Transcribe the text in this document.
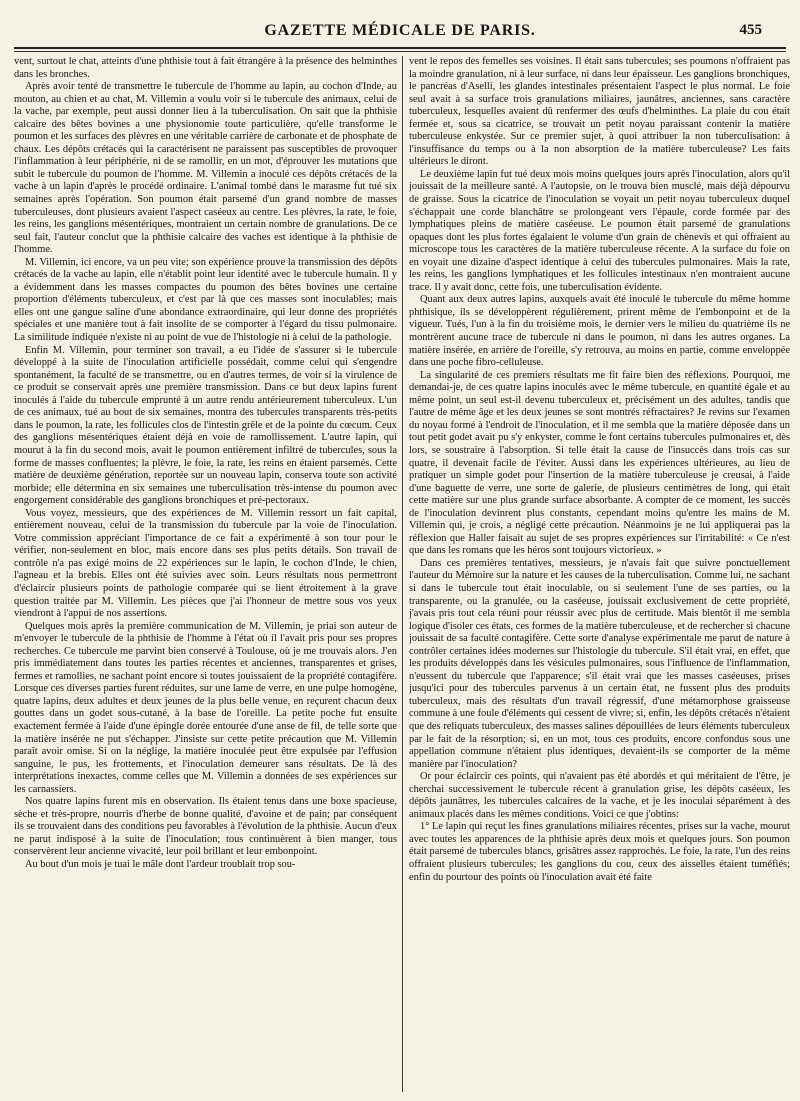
GAZETTE MÉDICALE DE PARIS.	455

vent, surtout le chat, atteints d'une phthisie tout à fait étrangère à la présence des helminthes dans les bronches.

Après avoir tenté de transmettre le tubercule de l'homme au lapin, au cochon d'Inde, au mouton, au chien et au chat, M. Villemin a voulu voir si le tubercule des animaux, celui de la vache, par exemple, peut aussi donner lieu à la tuberculisation. On sait que la phthisie calcaire des bêtes bovines a une physionomie toute particulière, qu'elle transforme le poumon et les surfaces des plèvres en une véritable carrière de carbonate et de phosphate de chaux. Les dépôts crétacés qui la caractérisent ne paraissent pas susceptibles de provoquer l'inflammation à leur périphérie, ni de se ramollir, en un mot, d'éprouver les mutations que subit le tubercule du poumon de l'homme. M. Villemin a inoculé ces dépôts crétacés de la vache à un lapin d'après le procédé ordinaire. L'animal tombé dans le marasme fut tué six semaines après l'opération. Son poumon était parsemé d'un grand nombre de masses tuberculeuses, dont plusieurs avaient l'aspect caséeux au centre. Les plèvres, la rate, le foie, les reins, les ganglions mésentériques, montraient un certain nombre de granulations. De ce seul fait, l'auteur conclut que la phthisie calcaire des vaches est identique à la phthisie de l'homme.

M. Villemin, ici encore, va un peu vite; son expérience prouve la transmission des dépôts crétacés de la vache au lapin, elle n'établit point leur identité avec le tubercule humain. Il y a évidemment dans les masses compactes du poumon des bêtes bovines une certaine proportion d'éléments tuberculeux, et c'est par là que ces masses sont inoculables; mais elles ont une gangue saline d'une abondance extraordinaire, qui leur donne des propriétés spéciales et une manière tout à fait insolite de se comporter à l'égard du tissu pulmonaire. La similitude indiquée n'existe ni au point de vue de l'histologie ni à celui de la pathologie.

Enfin M. Villemin, pour terminer son travail, a eu l'idée de s'assurer si le tubercule développé à la suite de l'inoculation artificielle possédait, comme celui qui s'engendre spontanément, la faculté de se transmettre, ou en d'autres termes, de voir si la virulence de ce produit se conservait après une première transmission. Dans ce but deux lapins furent inoculés à l'aide du tubercule emprunté à un autre rendu antérieurement tuberculeux. L'un de ces animaux, tué au bout de six semaines, montra des tubercules transparents très-petits dans le poumon, la rate, les follicules clos de l'intestin grêle et de la pointe du cœcum. Ceux des ganglions mésentériques étaient déjà en voie de ramollissement. L'autre lapin, qui mourut à la fin du second mois, avait le poumon entièrement infiltré de tubercules, sous la forme de masses confluentes; la plèvre, le foie, la rate, les reins en étaient parsemés. Cette matière de deuxième génération, reportée sur un nouveau lapin, conserva toute son activité morbide; elle détermina en six semaines une tuberculisation très-intense du poumon avec engorgement considérable des ganglions bronchiques et pré-pectoraux.

Vous voyez, messieurs, que des expériences de M. Villemin ressort un fait capital, entièrement nouveau, celui de la transmission du tubercule par la voie de l'inoculation. Votre commission appréciant l'importance de ce fait a expérimenté à son tour pour le vérifier, non-seulement en bloc, mais encore dans ses plus petits détails. Son travail de contrôle n'a pas exigé moins de 22 expériences sur le lapin, le cochon d'Inde, le chien, l'agneau et la brebis. Elles ont été suivies avec soin. Leurs résultats nous permettront d'éclaircir plusieurs points de pathologie comparée qui se lient étroitement à la grave question traitée par M. Villemin. Les pièces que j'ai l'honneur de mettre sous vos yeux viendront à l'appui de nos assertions.

Quelques mois après la première communication de M. Villemin, je priai son auteur de m'envoyer le tubercule de la phthisie de l'homme à l'état où il l'avait pris pour ses propres recherches. Ce tubercule me parvint bien conservé à Toulouse, où je me trouvais alors. J'en pris immédiatement dans toutes les parties récentes et anciennes, transparentes et grises, fermes et ramollies, ne sachant point encore si toutes jouissaient de la propriété contagifère. Lorsque ces diverses parties furent réduites, sur une lame de verre, en une pulpe homogène, quatre lapins, deux adultes et deux jeunes de la plus belle venue, en reçurent chacun deux gouttes dans un godet sous-cutané, à la base de l'oreille. La petite poche fut ensuite exactement fermée à l'aide d'une épingle dorée entourée d'une anse de fil, de telle sorte que la matière insérée ne put s'échapper. J'insiste sur cette petite précaution que M. Villemin paraît avoir omise. Si on la néglige, la matière inoculée peut être expulsée par l'effusion sanguine, le pus, les frottements, et l'inoculation demeurer sans résultats. De là des interprétations inexactes, comme celles que M. Villemin a données de ses expériences sur les carnassiers.

Nos quatre lapins furent mis en observation. Ils étaient tenus dans une boxe spacieuse, sèche et très-propre, nourris d'herbe de bonne qualité, d'avoine et de pain; par conséquent ils se trouvaient dans des conditions peu favorables à l'évolution de la phthisie. Aucun d'eux ne parut indisposé à la suite de l'inoculation; tous continuèrent à bien manger, tous conservèrent leur ancienne vivacité, leur poil brillant et leur embonpoint.

Au bout d'un mois je tuai le mâle dont l'ardeur troublait trop sou-

vent le repos des femelles ses voisines. Il était sans tubercules; ses poumons n'offraient pas la moindre granulation, ni à leur surface, ni dans leur épaisseur. Les ganglions bronchiques, le pancréas d'Aselli, les glandes intestinales présentaient l'aspect le plus normal. Le foie seul avait à sa surface trois granulations miliaires, jaunâtres, anciennes, sans caractère tuberculeux, lesquelles avaient dû renfermer des œufs d'helminthes. La plaie du cou était fermée et, sous sa cicatrice, se trouvait un petit noyau paraissant contenir la matière tuberculeuse enkystée. Sur ce premier sujet, à quoi attribuer la non tuberculisation: à l'insuffisance du temps ou à la non absorption de la matière tuberculeuse? Les faits ultérieurs le diront.

Le deuxième lapin fut tué deux mois moins quelques jours après l'inoculation, alors qu'il jouissait de la meilleure santé. A l'autopsie, on le trouva bien musclé, mais déjà dépourvu de graisse. Sous la cicatrice de l'inoculation se voyait un petit noyau tuberculeux duquel s'échappait une corde blanchâtre se prolongeant vers l'épaule, corde formée par des lymphatiques pleins de matière caséeuse. Le poumon était parsemé de granulations opaques dont les plus fortes égalaient le volume d'un grain de chènevis et qui offraient au microscope tous les caractères de la matière tuberculeuse récente. A la surface du foie on en voyait une dizaine d'aspect identique à celui des tubercules pulmonaires. Mais la rate, les reins, les ganglions lymphatiques et les follicules intestinaux n'en montraient aucune trace. Il y avait donc, cette fois, une tuberculisation évidente.

Quant aux deux autres lapins, auxquels avait été inoculé le tubercule du même homme phthisique, ils se développèrent régulièrement, prirent même de l'embonpoint et de la vigueur. Tués, l'un à la fin du troisième mois, le dernier vers le milieu du quatrième ils ne montrèrent aucune trace de tubercule ni dans le poumon, ni dans les autres organes. La matière insérée, en arrière de l'oreille, s'y retrouva, au moins en partie, comme enveloppée dans une poche fibro-celluleuse.

La singularité de ces premiers résultats me fit faire bien des réflexions. Pourquoi, me demandai-je, de ces quatre lapins inoculés avec le même tubercule, en quantité égale et au même point, un seul est-il devenu tuberculeux et, précisément un des adultes, tandis que l'autre de même âge et les deux jeunes se sont montrés réfractaires? Je revins sur l'examen du noyau formé à l'endroit de l'inoculation, et il me sembla que la matière déposée dans un tout petit godet avait pu s'y enkyster, comme le font certains tubercules pulmonaires et, dès lors, se soustraire à l'absorption. Si telle était la cause de l'insuccès dans trois cas sur quatre, il devenait facile de l'éviter. Aussi dans les expériences ultérieures, au lieu de pratiquer un simple godet pour l'insertion de la matière tuberculeuse je creusai, à l'aide d'une baguette de verre, une sorte de galerie, de plusieurs centimètres de long, qui était cette matière sur une plus grande surface absorbante. A compter de ce moment, les succès de l'inoculation devinrent plus constants, cependant moins qu'entre les mains de M. Villemin qui, je crois, a négligé cette précaution. Néanmoins je ne lui appliquerai pas la réflexion que Haller faisait au sujet de ses propres expériences sur l'irritabilité: « Ce n'est que dans les romans que les héros sont toujours victorieux. »

Dans ces premières tentatives, messieurs, je n'avais fait que suivre ponctuellement l'auteur du Mémoire sur la nature et les causes de la tuberculisation. Comme lui, ne sachant si dans le tubercule tout était inoculable, ou si seulement l'une de ses parties, ou la transparente, ou la granulée, ou la caséeuse, jouissait exclusivement de cette propriété, j'avais pris tout cela réuni pour réussir avec plus de certitude. Mais bientôt il me sembla logique d'isoler ces états, ces formes de la matière tuberculeuse, et de rechercher si chacune jouissait de sa faculté contagifère. Cette sorte d'analyse expérimentale me parut de nature à contrôler certaines idées modernes sur l'histologie du tubercule. S'il était vrai, en effet, que les produits développés dans les vésicules pulmonaires, sous l'influence de l'inflammation, n'eussent du tubercule que l'apparence; s'il était vrai que les masses caséeuses, prises jusqu'ici pour des tubercules parvenus à un certain état, ne fussent plus des produits tuberculeux, mais des résultats d'un travail régressif, d'une métamorphose graisseuse commune à une foule d'éléments qui cessent de vivre; si, enfin, les dépôts crétacés n'étaient que des reliquats tuberculeux, des masses salines dépouillées de leurs éléments tuberculeux par le fait de la résorption; si, en un mot, tous ces produits, encore confondus sous une appellation commune n'étaient plus identiques, devaient-ils se comporter de la même manière par l'inoculation?

Or pour éclaircir ces points, qui n'avaient pas été abordés et qui méritaient de l'être, je cherchai successivement le tubercule récent à granulation grise, les dépôts caséeux, les dépôts jaunâtres, les tubercules calcaires de la vache, et je les inoculai séparément à des animaux placés dans les mêmes conditions. Voici ce que j'obtins:

1° Le lapin qui reçut les fines granulations miliaires récentes, prises sur la vache, mourut avec toutes les apparences de la phthisie après deux mois et quelques jours. Son poumon était parsemé de tubercules blancs, grisâtres assez rapprochés. Le foie, la rate, l'un des reins offraient plusieurs tubercules; les ganglions du cou, ceux des aisselles étaient tuméfiés; enfin du pourtour des points où l'inoculation avait été faite
